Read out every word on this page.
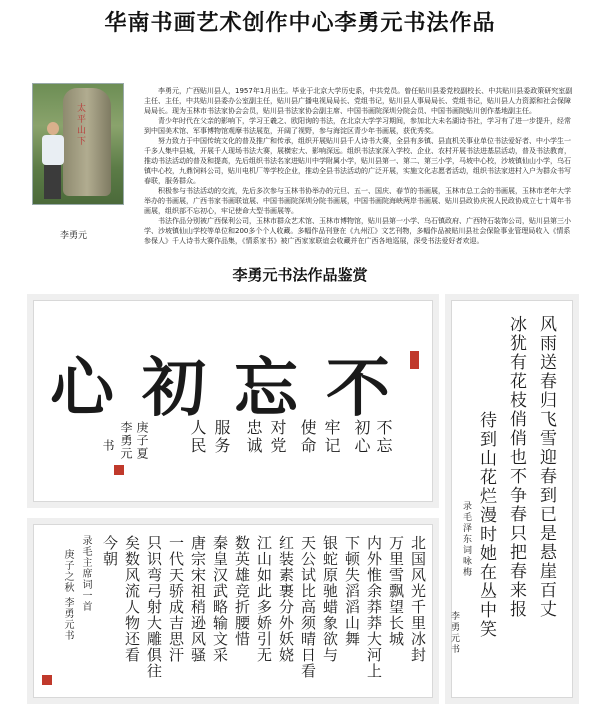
华南书画艺术创作中心李勇元书法作品
太平山下
李勇元

李勇元，广西贴川县人，1957年1月出生。毕业于北京大学历史系，中共党员。曾任贴川县委党校副校长、中共贴川县委政策研究室副主任、主任，中共贴川县委办公室副主任，贴川县广播电视局局长、党组书记，贴川县人事局局长、党组书记，贴川县人力资源和社会保障局局长。现为玉林市书法家协会会员，贴川县书法家协会副主席、中国书画院深圳分院会员、中国书画院贴川创作基地副主任。

青少年时代在父亲的影响下，学习王羲之、欧阳询的书法，在北京大学学习期间，参加北大未名湖诗书社，学习有了进一步提升，经常到中国美术馆、军事博物馆观摩书法展览，开阔了视野，参与海淀区青少年书画展，获优秀奖。

努力致力于中国传统文化的普及推广和传承，组织开展贴川县千人诗书大赛，全县有多镇、县直机关事业单位书法爱好者、中小学生一千多人集中县城，开展千人现场书法大赛，展横宏大、影响深远。组织书法家深入学校、企业、农村开展书法进基层活动，普及书法教育，推动书法活动的普及和提高，先后组织书法名家进贴川中学附属小学，贴川县第一、第二、第三小学，马坡中心校，沙坡镇仙山小学，乌石镇中心校，九鼎饲料公司，贴川电机厂等学校企业，推动全县书法活动的广泛开展，实施文化志愿者活动，组织书法家进村入户为群众书写春联，服务群众。

积极参与书法活动的交流，先后多次参与玉林书协举办的元旦、五一、国庆、春节的书画展，玉林市总工会的书画展，玉林市老年大学举办的书画展，广西书家书画联谊展、中国书画院深圳分院书画展，中国书画院海峡两岸书画展、贴川县政协庆祝人民政协成立七十周年书画展，组织部不忘初心，牢记使命大型书画展等。

书法作品分别被广西保利公司，玉林市群众艺术馆、玉林市博物馆，贴川县第一小学、乌石镇政府、广西特石装饰公司，贴川县第三小学、沙坡镇仙山学校等单位和200多个个人收藏。多幅作品刊登在《九州江》文艺刊物，多幅作品被贴川县社会保险事业管理局收入《情系参保人》千人诗书大赛作品集，《情系家书》被广西家家联谊会收藏并在广西各地巡展，深受书法爱好者欢迎。

李勇元书法作品鉴赏
不
忘
初
心
不忘
初心
牢记
使命
对党
忠诚
服务
人民
庚子夏
李勇元
书
北国风光千里冰封
万里雪飘望长城
内外惟余莽莽大河上
下顿失滔滔山舞
银蛇原驰蜡象欲与
天公试比高须晴日看
红装素裹分外妖娆
江山如此多娇引无
数英雄竞折腰惜
秦皇汉武略输文采
唐宗宋祖稍逊风骚
一代天骄成吉思汗
只识弯弓射大雕俱往
矣数风流人物还看
今朝
录毛主席词一首
庚子之秋 李勇元书	风雨送春归飞雪迎春到已是悬崖百丈
冰犹有花枝俏俏也不争春只把春来报
待到山花烂漫时她在丛中笑
录毛泽东词咏梅
李勇元书
